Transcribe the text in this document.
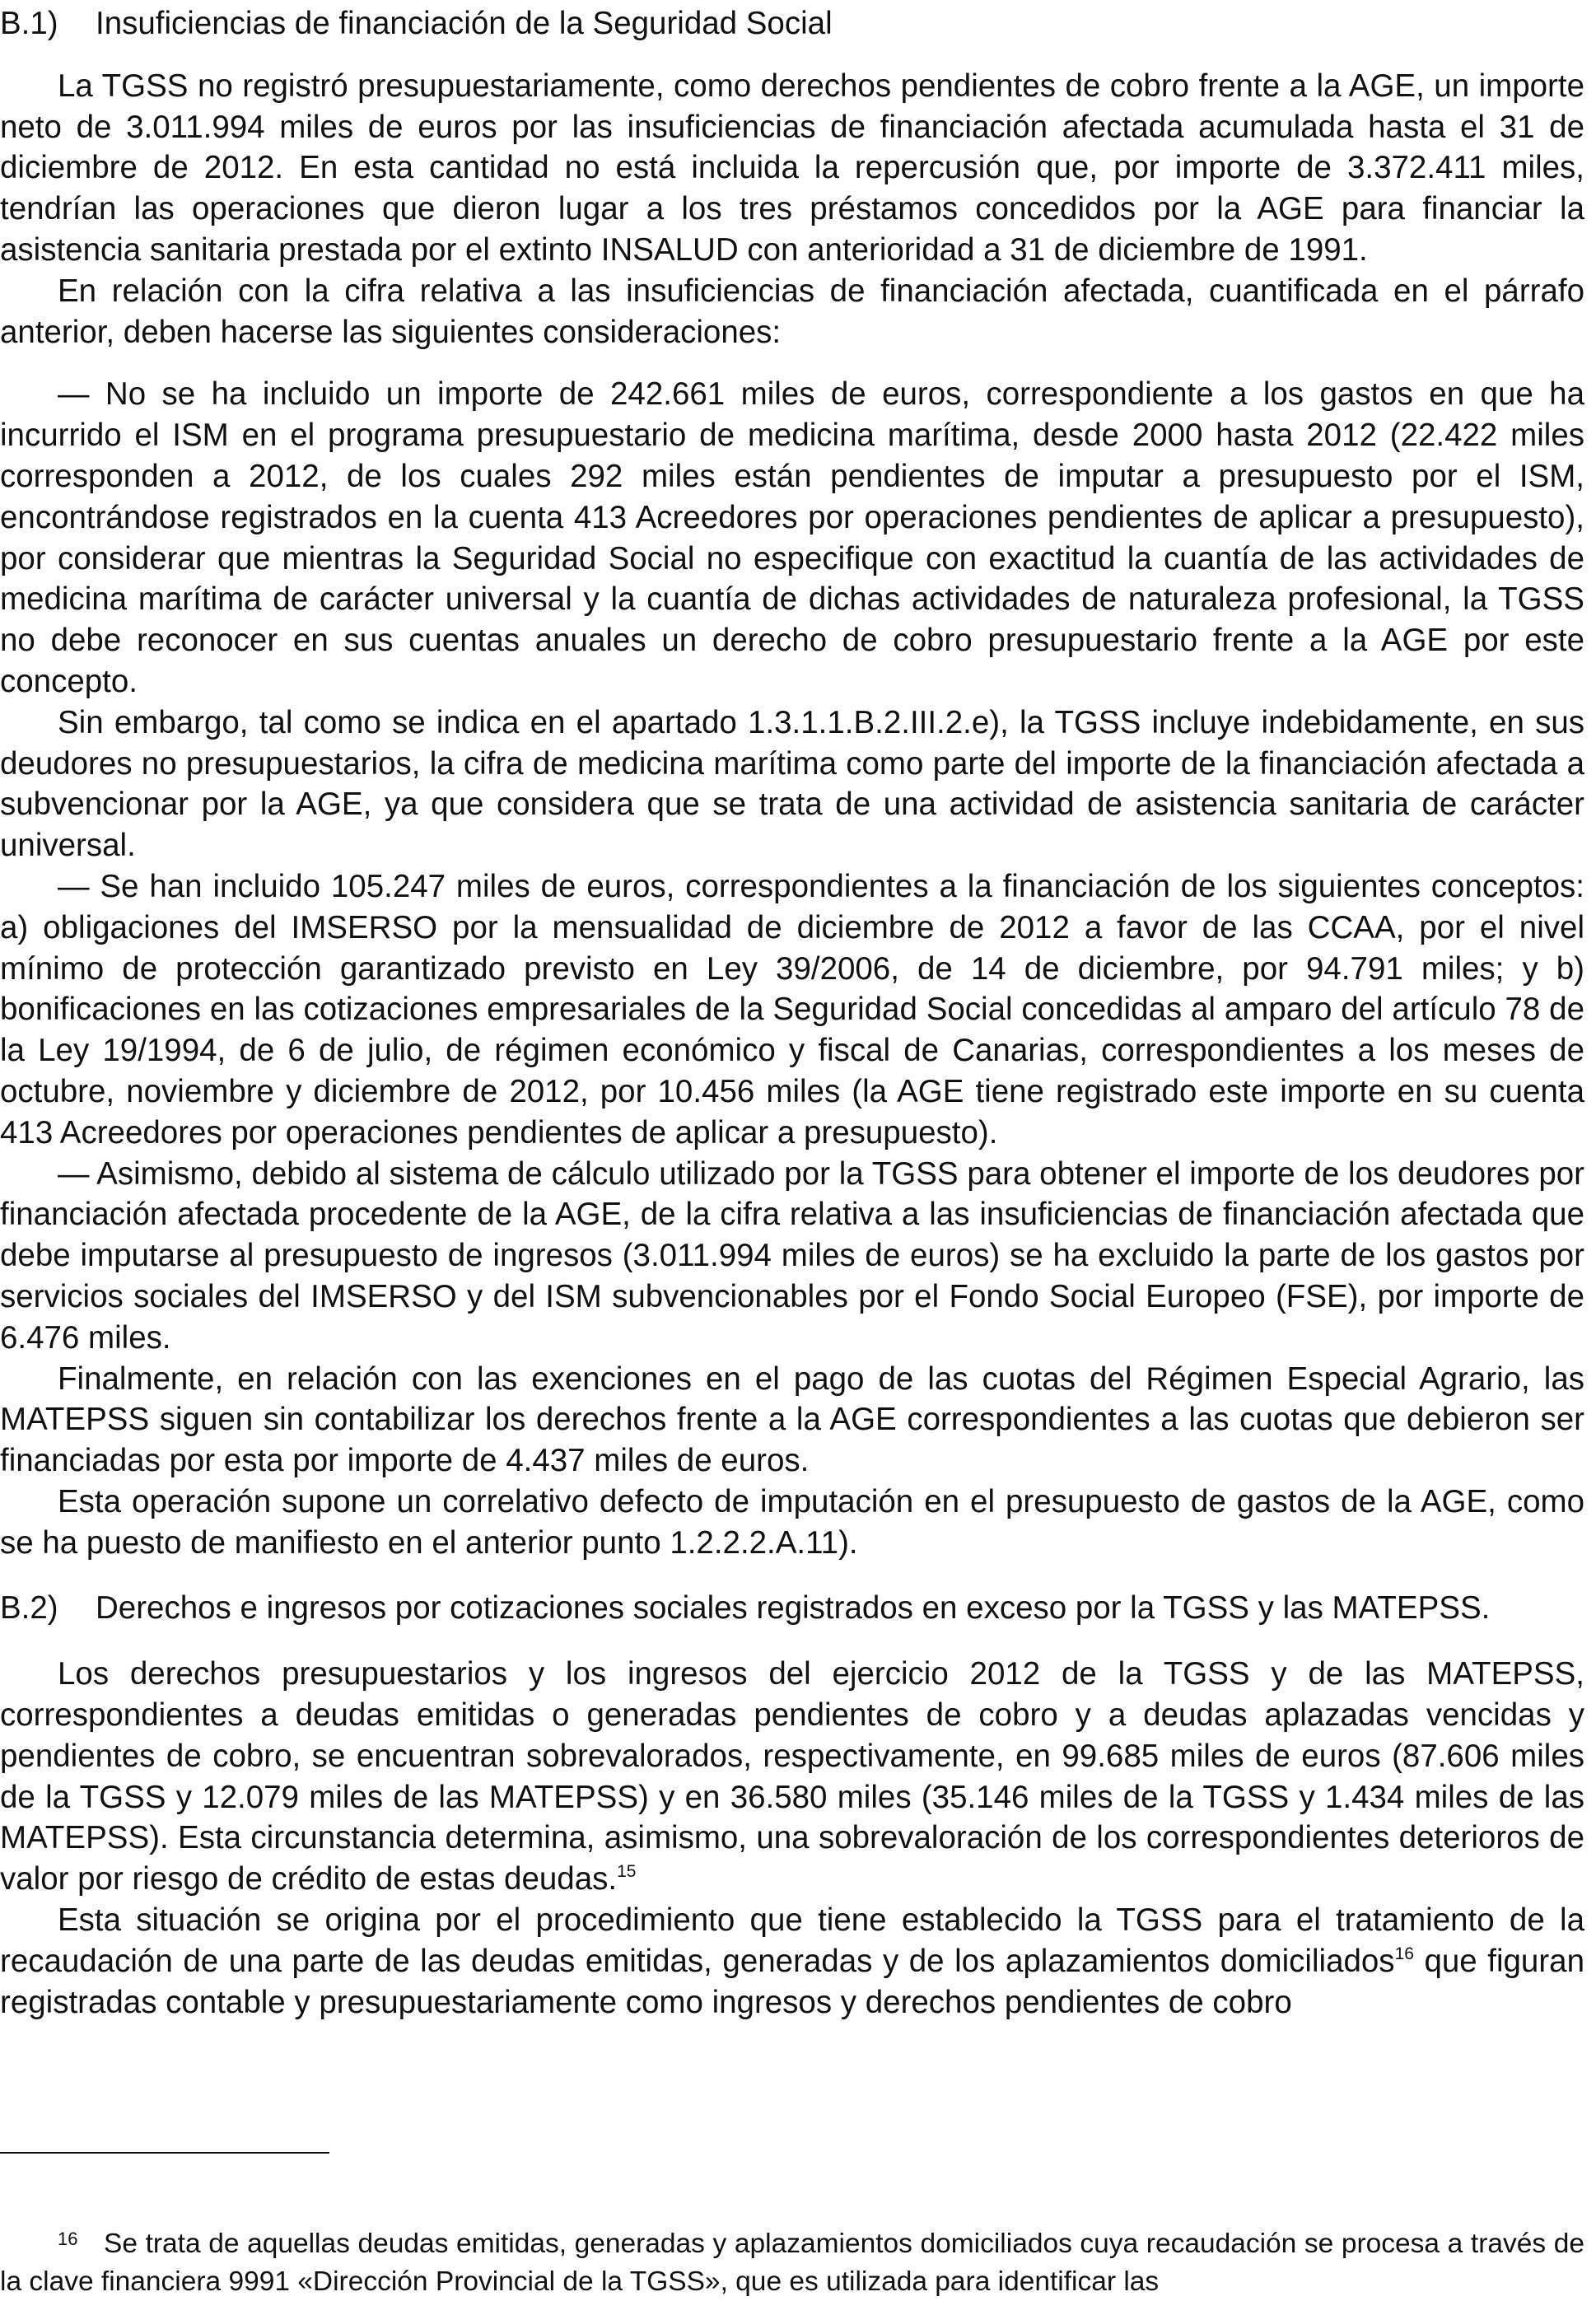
B.1)	Insuficiencias de financiación de la Seguridad Social

La TGSS no registró presupuestariamente, como derechos pendientes de cobro frente a la AGE, un importe neto de 3.011.994 miles de euros por las insuficiencias de financiación afectada acumulada hasta el 31 de diciembre de 2012. En esta cantidad no está incluida la repercusión que, por importe de 3.372.411 miles, tendrían las operaciones que dieron lugar a los tres préstamos concedidos por la AGE para financiar la asistencia sanitaria prestada por el extinto INSALUD con anterioridad a 31 de diciembre de 1991.

En relación con la cifra relativa a las insuficiencias de financiación afectada, cuantificada en el párrafo anterior, deben hacerse las siguientes consideraciones:

— No se ha incluido un importe de 242.661 miles de euros, correspondiente a los gastos en que ha incurrido el ISM en el programa presupuestario de medicina marítima, desde 2000 hasta 2012 (22.422 miles corresponden a 2012, de los cuales 292 miles están pendientes de imputar a presupuesto por el ISM, encontrándose registrados en la cuenta 413 Acreedores por operaciones pendientes de aplicar a presupuesto), por considerar que mientras la Seguridad Social no especifique con exactitud la cuantía de las actividades de medicina marítima de carácter universal y la cuantía de dichas actividades de naturaleza profesional, la TGSS no debe reconocer en sus cuentas anuales un derecho de cobro presupuestario frente a la AGE por este concepto.

Sin embargo, tal como se indica en el apartado 1.3.1.1.B.2.III.2.e), la TGSS incluye indebidamente, en sus deudores no presupuestarios, la cifra de medicina marítima como parte del importe de la financiación afectada a subvencionar por la AGE, ya que considera que se trata de una actividad de asistencia sanitaria de carácter universal.

— Se han incluido 105.247 miles de euros, correspondientes a la financiación de los siguientes conceptos: a) obligaciones del IMSERSO por la mensualidad de diciembre de 2012 a favor de las CCAA, por el nivel mínimo de protección garantizado previsto en Ley 39/2006, de 14 de diciembre, por 94.791 miles; y b) bonificaciones en las cotizaciones empresariales de la Seguridad Social concedidas al amparo del artículo 78 de la Ley 19/1994, de 6 de julio, de régimen económico y fiscal de Canarias, correspondientes a los meses de octubre, noviembre y diciembre de 2012, por 10.456 miles (la AGE tiene registrado este importe en su cuenta 413 Acreedores por operaciones pendientes de aplicar a presupuesto).

— Asimismo, debido al sistema de cálculo utilizado por la TGSS para obtener el importe de los deudores por financiación afectada procedente de la AGE, de la cifra relativa a las insuficiencias de financiación afectada que debe imputarse al presupuesto de ingresos (3.011.994 miles de euros) se ha excluido la parte de los gastos por servicios sociales del IMSERSO y del ISM subvencionables por el Fondo Social Europeo (FSE), por importe de 6.476 miles.

Finalmente, en relación con las exenciones en el pago de las cuotas del Régimen Especial Agrario, las MATEPSS siguen sin contabilizar los derechos frente a la AGE correspondientes a las cuotas que debieron ser financiadas por esta por importe de 4.437 miles de euros.

Esta operación supone un correlativo defecto de imputación en el presupuesto de gastos de la AGE, como se ha puesto de manifiesto en el anterior punto 1.2.2.2.A.11).

B.2)	Derechos e ingresos por cotizaciones sociales registrados en exceso por la TGSS y las MATEPSS.

Los derechos presupuestarios y los ingresos del ejercicio 2012 de la TGSS y de las MATEPSS, correspondientes a deudas emitidas o generadas pendientes de cobro y a deudas aplazadas vencidas y pendientes de cobro, se encuentran sobrevalorados, respectivamente, en 99.685 miles de euros (87.606 miles de la TGSS y 12.079 miles de las MATEPSS) y en 36.580 miles (35.146 miles de la TGSS y 1.434 miles de las MATEPSS). Esta circunstancia determina, asimismo, una sobrevaloración de los correspondientes deterioros de valor por riesgo de crédito de estas deudas.$^{15}$

Esta situación se origina por el procedimiento que tiene establecido la TGSS para el tratamiento de la recaudación de una parte de las deudas emitidas, generadas y de los aplazamientos domiciliados$^{16}$ que figuran registradas contable y presupuestariamente como ingresos y derechos pendientes de cobro

16 Se trata de aquellas deudas emitidas, generadas y aplazamientos domiciliados cuya recaudación se procesa a través de la clave financiera 9991 «Dirección Provincial de la TGSS», que es utilizada para identificar las
